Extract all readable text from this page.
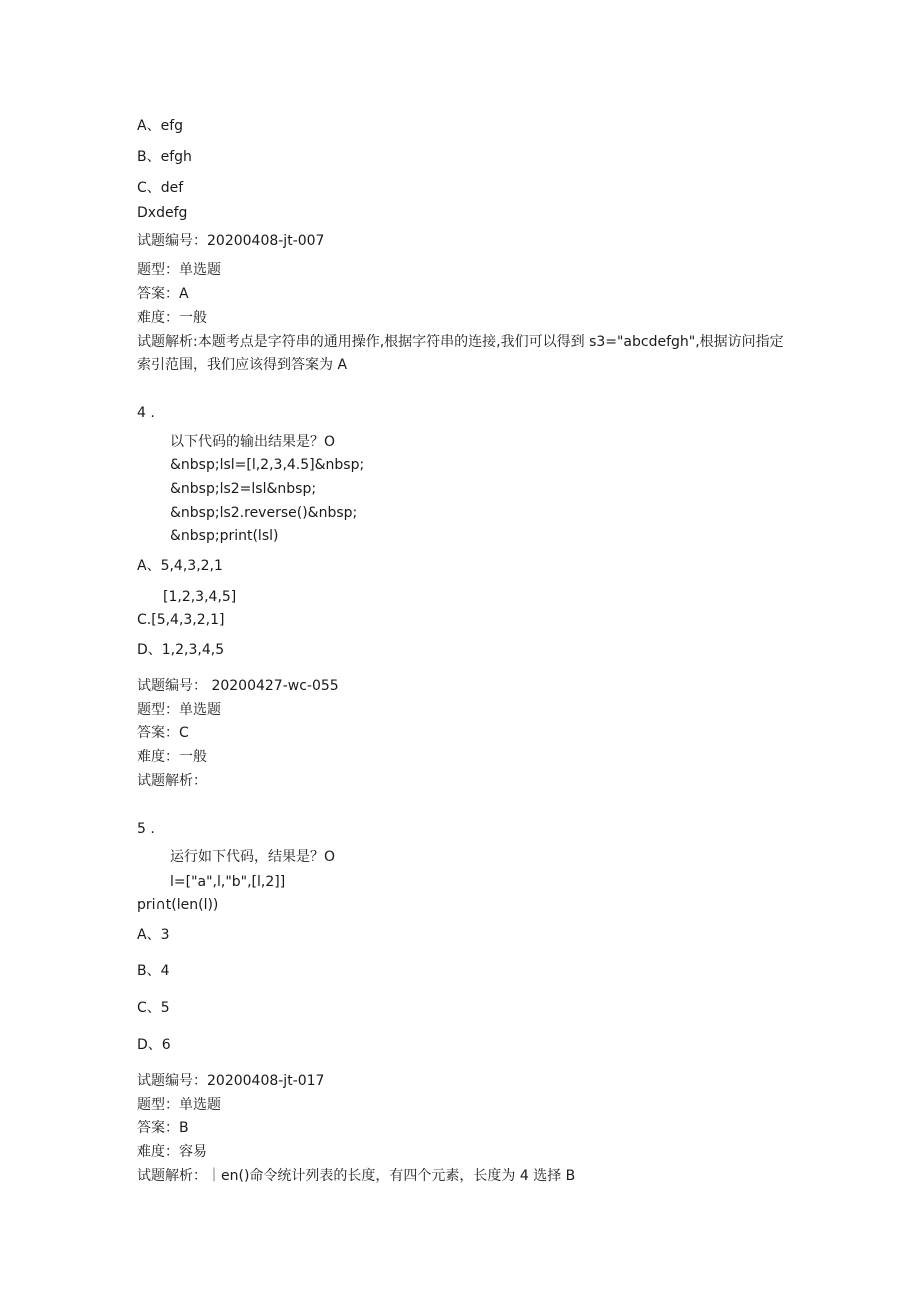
A、efg
B、efgh
C、def
Dxdefg
试题编号：20200408-jt-007
题型：单选题
答案：A
难度：一般
试题解析:本题考点是字符串的通用操作,根据字符串的连接,我们可以得到 s3="abcdefgh",根据访问指定索引范围，我们应该得到答案为 A
4 .
以下代码的输出结果是？O
&nbsp;lsl=[l,2,3,4.5]&nbsp;
&nbsp;ls2=lsl&nbsp;
&nbsp;ls2.reverse()&nbsp;
&nbsp;print(lsl)
A、5,4,3,2,1
[1,2,3,4,5]
C.[5,4,3,2,1]
D、1,2,3,4,5
试题编号： 20200427-wc-055
题型：单选题
答案：C
难度：一般
试题解析：
5 .
运行如下代码，结果是？O
l=["a",l,"b",[l,2]]
pri∩t(len(l))
A、3
B、4
C、5
D、6
试题编号：20200408-jt-017
题型：单选题
答案：B
难度：容易
试题解析：｜en()命令统计列表的长度，有四个元素，长度为 4 选择 B
